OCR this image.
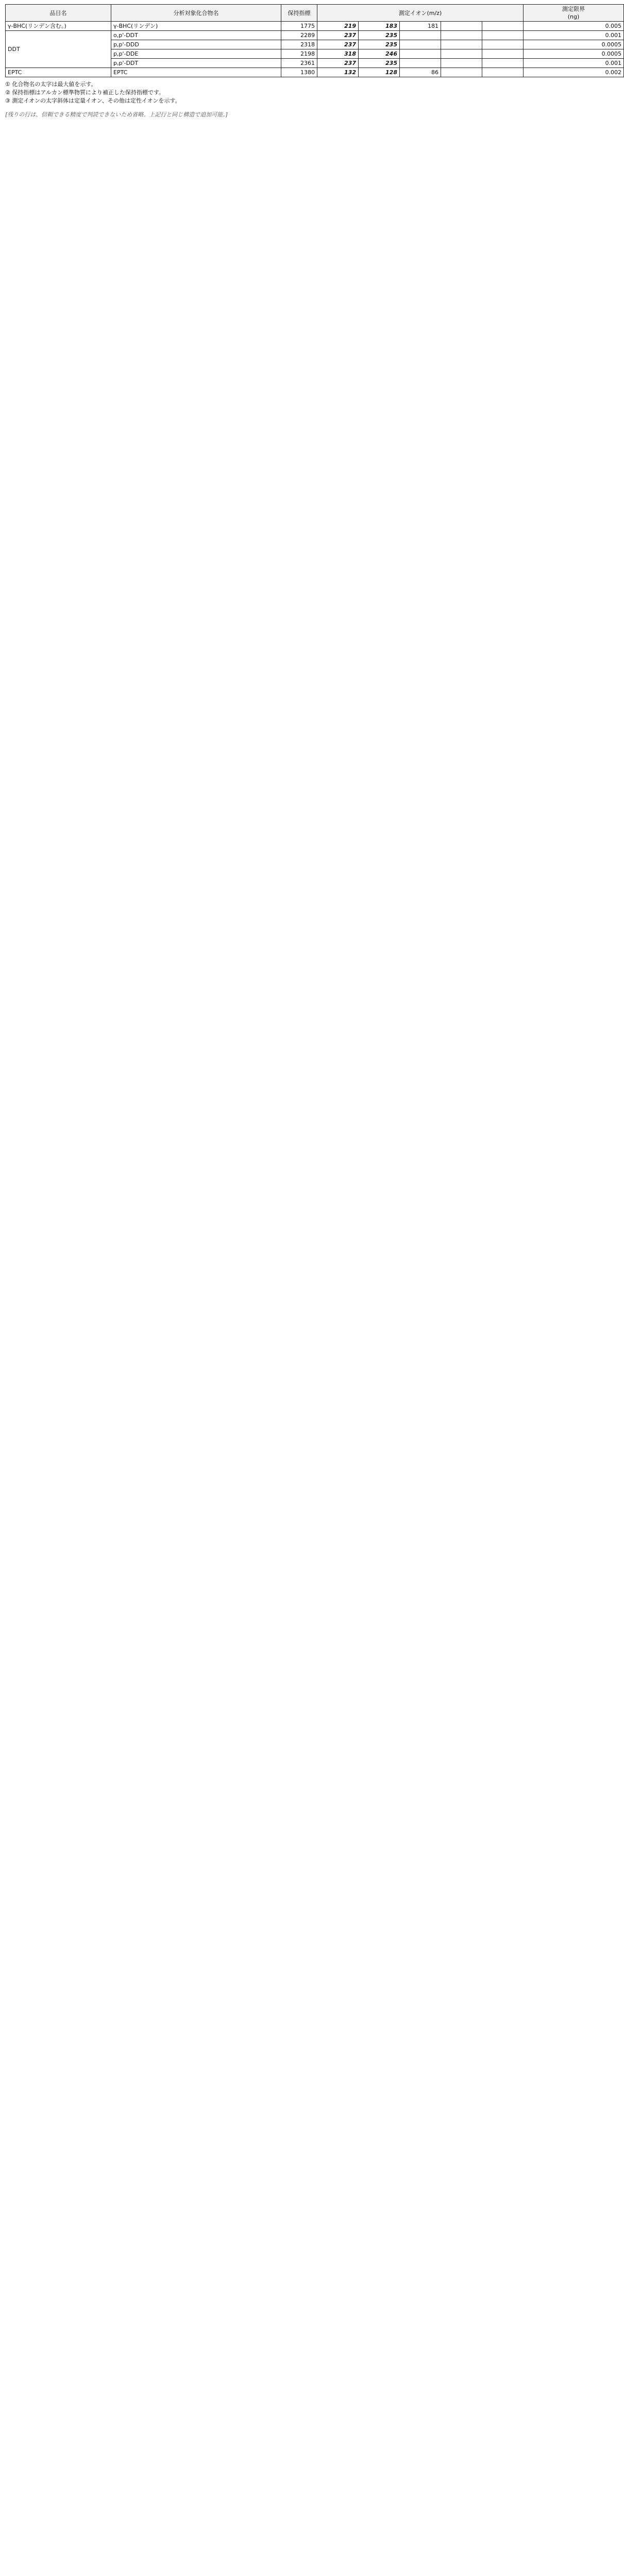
品目名	分析対象化合物名	保持指標	測定イオン(m/z)					測定限界
(ng)
γ-BHC(リンデン含む。)	γ-BHC(リンデン)	1775	219	183	181			0.005
DDT	o,p'-DDT	2289	237	235				0.001
	p,p'-DDD	2318	237	235				0.0005
	p,p'-DDE	2198	318	246				0.0005
	p,p'-DDT	2361	237	235				0.001
EPTC	EPTC	1380	132	128	86			0.002

① 化合物名の太字は最大値を示す。

② 保持指標はアルカン標準物質により補正した保持指標です。

③ 測定イオンの太字斜体は定量イオン、その他は定性イオンを示す。

[残りの行は、信頼できる精度で判読できないため省略。上記行と同じ構造で追加可能。]
